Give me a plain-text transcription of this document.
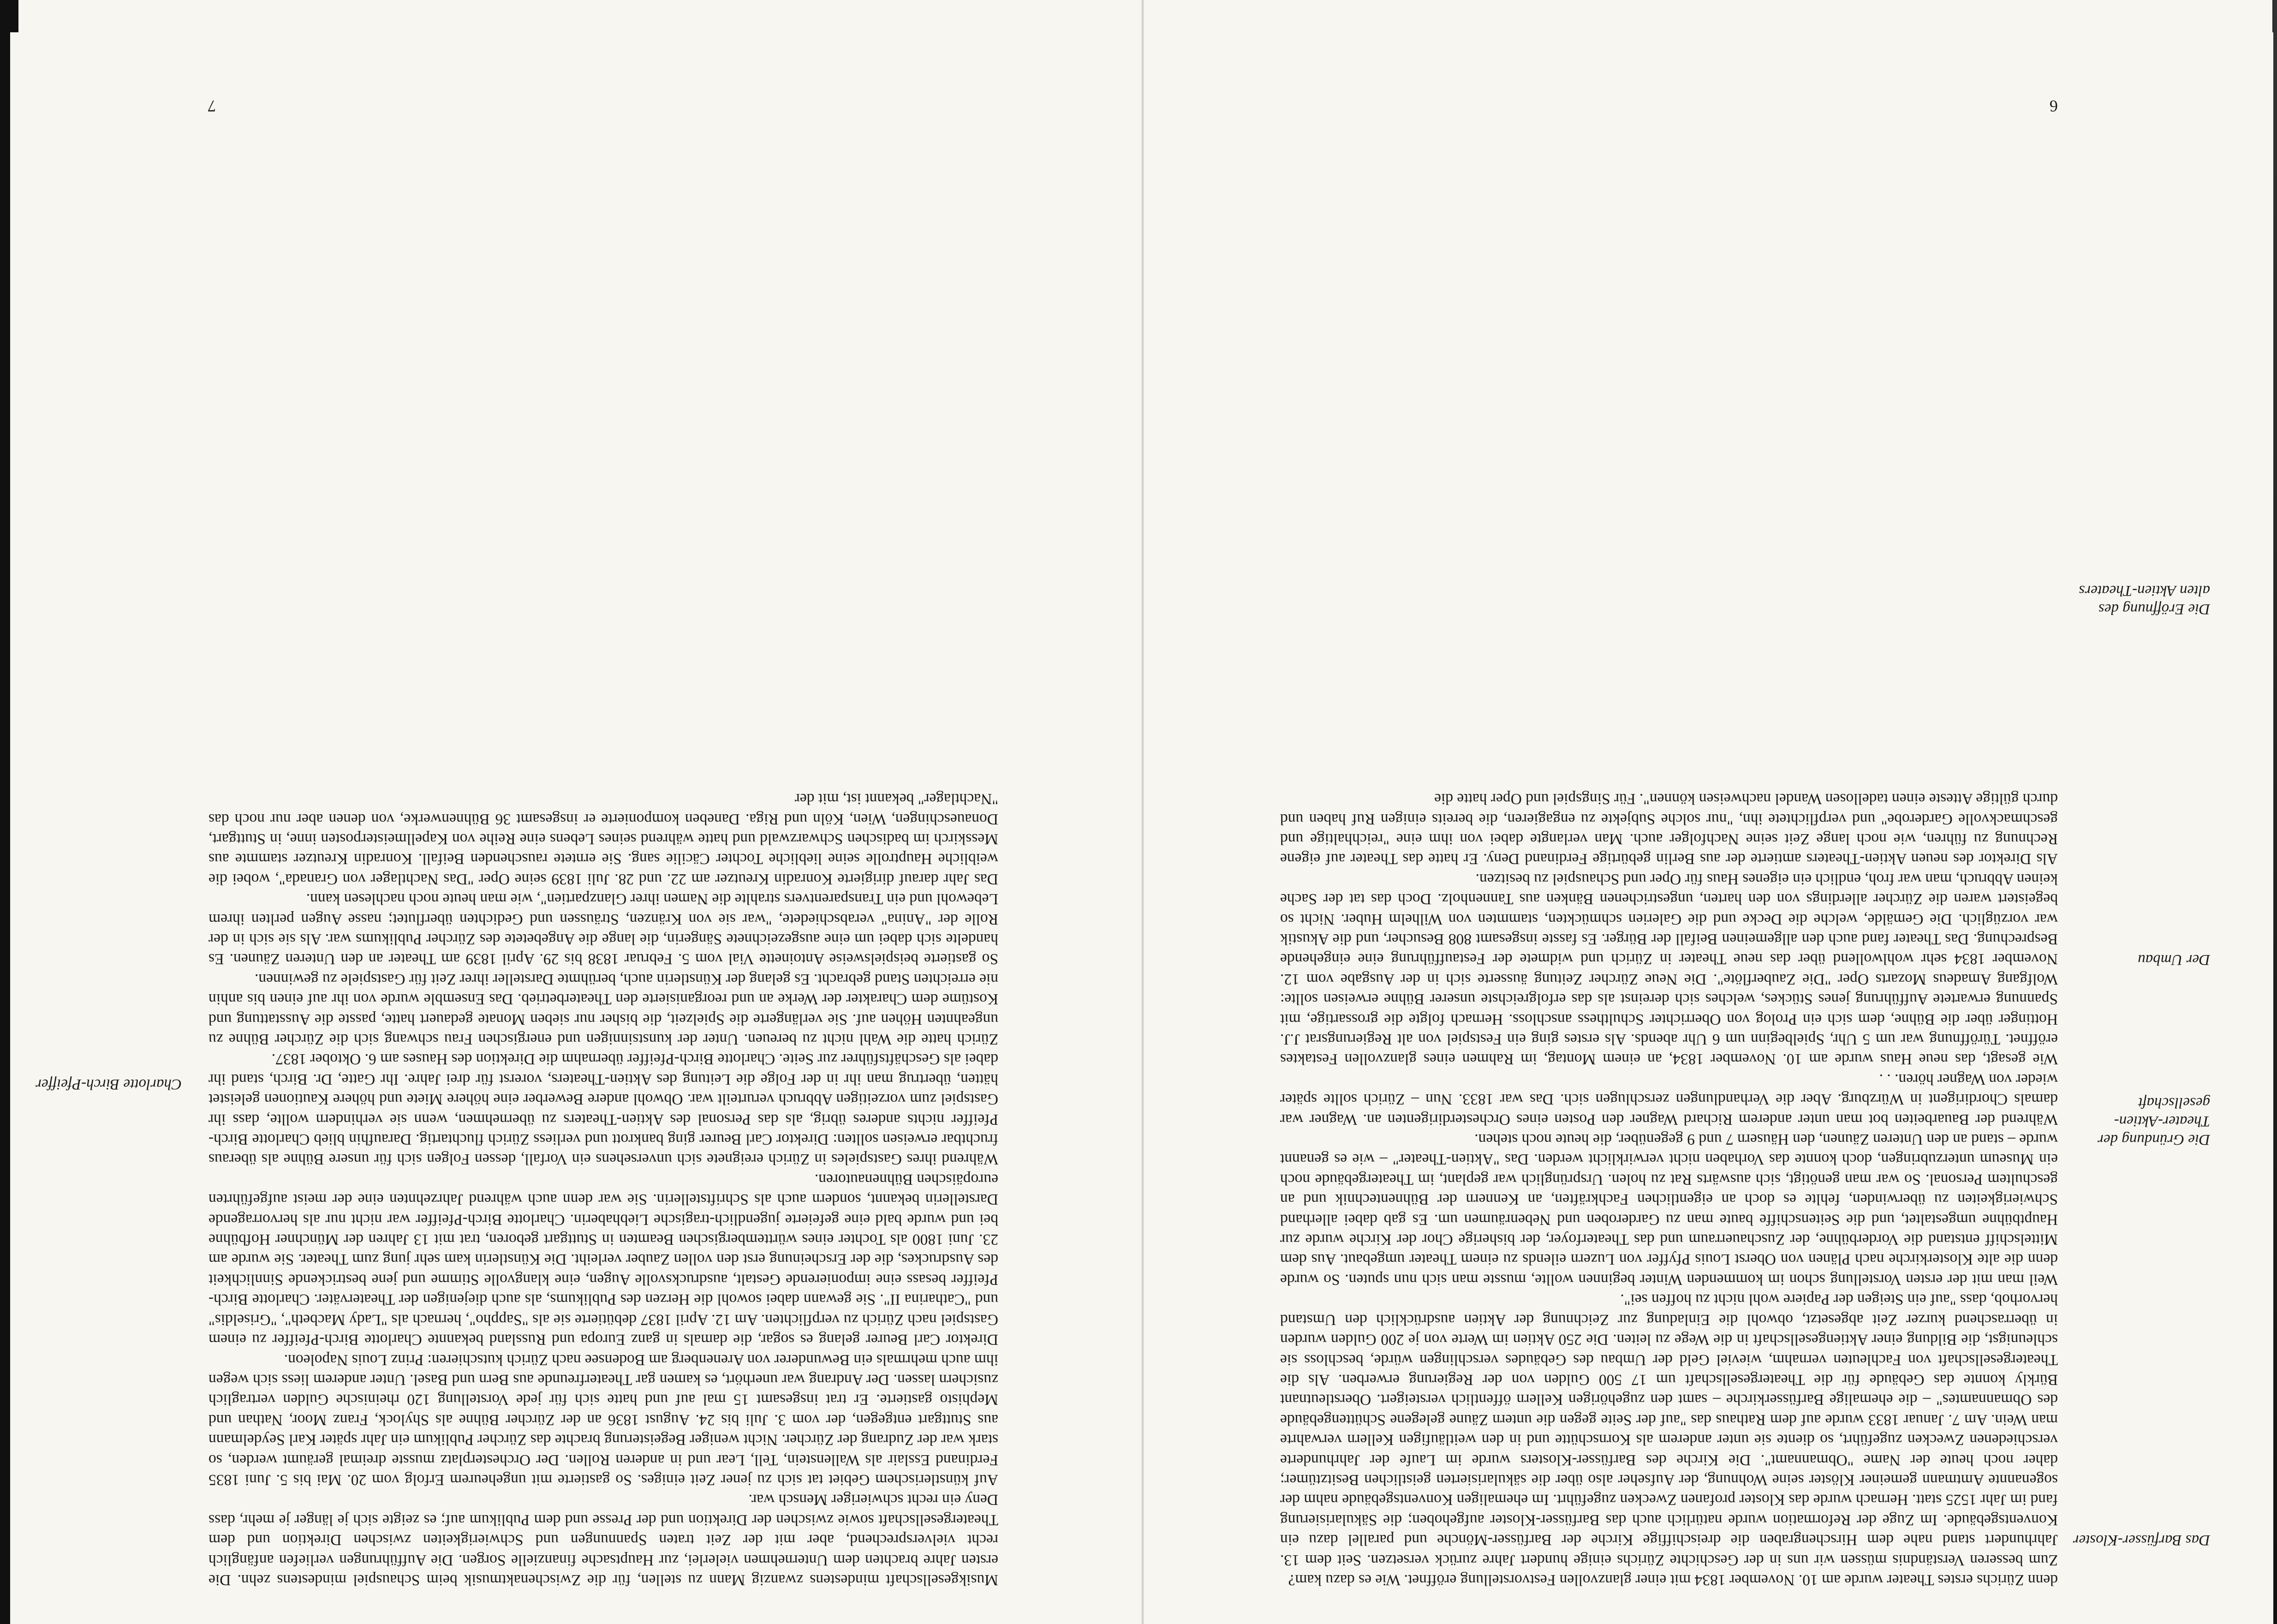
denn Zürichs erstes Theater wurde am 10. November 1834 mit einer glanzvollen Festvorstellung eröffnet. Wie es dazu kam?

Zum besseren Verständnis müssen wir uns in der Geschichte Zürichs einige hundert Jahre zurück versetzen. Seit dem 13. Jahrhundert stand nahe dem Hirschengraben die dreischiffige Kirche der Barfüsser-Mönche und parallel dazu ein Konventsgebäude. Im Zuge der Reformation wurde natürlich auch das Barfüsser-Kloster aufgehoben; die Säkularisierung fand im Jahr 1525 statt. Hernach wurde das Kloster profanen Zwecken zugeführt. Im ehemaligen Konventsgebäude nahm der sogenannte Amtmann gemeiner Klöster seine Wohnung, der Aufseher also über die säkularisierten geistlichen Besitztümer; daher noch heute der Name "Obmannamt". Die Kirche des Barfüsser-Klosters wurde im Laufe der Jahrhunderte verschiedenen Zwecken zugeführt, so diente sie unter anderem als Kornschütte und in den weitläufigen Kellern verwahrte man Wein. Am 7. Januar 1833 wurde auf dem Rathaus das "auf der Seite gegen die untern Zäune gelegene Schüttengebäude des Obmannamtes" – die ehemalige Barfüsserkirche – samt den zugehörigen Kellern öffentlich versteigert. Oberstleutnant Bürkly konnte das Gebäude für die Theatergesellschaft um 17 500 Gulden von der Regierung erwerben. Als die Theatergesellschaft von Fachleuten vernahm, wieviel Geld der Umbau des Gebäudes verschlingen würde, beschloss sie schleunigst, die Bildung einer Aktiengesellschaft in die Wege zu leiten. Die 250 Aktien im Werte von je 200 Gulden wurden in überraschend kurzer Zeit abgesetzt, obwohl die Einladung zur Zeichnung der Aktien ausdrücklich den Umstand hervorhob, dass "auf ein Steigen der Papiere wohl nicht zu hoffen sei".

Weil man mit der ersten Vorstellung schon im kommenden Winter beginnen wollte, musste man sich nun sputen. So wurde denn die alte Klosterkirche nach Plänen von Oberst Louis Pfyffer von Luzern eilends zu einem Theater umgebaut. Aus dem Mittelschiff entstand die Vorderbühne, der Zuschauerraum und das Theaterfoyer, der bisherige Chor der Kirche wurde zur Hauptbühne umgestaltet, und die Seitenschiffe baute man zu Garderoben und Nebenräumen um. Es gab dabei allerhand Schwierigkeiten zu überwinden, fehlte es doch an eigentlichen Fachkräften, an Kennern der Bühnentechnik und an geschultem Personal. So war man genötigt, sich auswärts Rat zu holen. Ursprünglich war geplant, im Theatergebäude noch ein Museum unterzubringen, doch konnte das Vorhaben nicht verwirklicht werden. Das "Aktien-Theater" – wie es genannt wurde – stand an den Unteren Zäunen, den Häusern 7 und 9 gegenüber, die heute noch stehen.

Während der Bauarbeiten bot man unter anderem Richard Wagner den Posten eines Orchesterdirigenten an. Wagner war damals Chordirigent in Würzburg. Aber die Verhandlungen zerschlugen sich. Das war 1833. Nun – Zürich sollte später wieder von Wagner hören. . .

Wie gesagt, das neue Haus wurde am 10. November 1834, an einem Montag, im Rahmen eines glanzvollen Festaktes eröffnet. Türöffnung war um 5 Uhr, Spielbeginn um 6 Uhr abends. Als erstes ging ein Festspiel von alt Regierungsrat J.J. Hottinger über die Bühne, dem sich ein Prolog von Oberrichter Schulthess anschloss. Hernach folgte die grossartige, mit Spannung erwartete Aufführung jenes Stückes, welches sich dereinst als das erfolgreichste unserer Bühne erweisen sollte: Wolfgang Amadeus Mozarts Oper "Die Zauberflöte". Die Neue Zürcher Zeitung äusserte sich in der Ausgabe vom 12. November 1834 sehr wohlwollend über das neue Theater in Zürich und widmete der Festaufführung eine eingehende Besprechung. Das Theater fand auch den allgemeinen Beifall der Bürger. Es fasste insgesamt 808 Besucher, und die Akustik war vorzüglich. Die Gemälde, welche die Decke und die Galerien schmückten, stammten von Wilhelm Huber. Nicht so begeistert waren die Zürcher allerdings von den harten, ungestrichenen Bänken aus Tannenholz. Doch das tat der Sache keinen Abbruch, man war froh, endlich ein eigenes Haus für Oper und Schauspiel zu besitzen.

Als Direktor des neuen Aktien-Theaters amtierte der aus Berlin gebürtige Ferdinand Deny. Er hatte das Theater auf eigene Rechnung zu führen, wie noch lange Zeit seine Nachfolger auch. Man verlangte dabei von ihm eine "reichhaltige und geschmackvolle Garderobe" und verpflichtete ihn, "nur solche Subjekte zu engagieren, die bereits einigen Ruf haben und durch gültige Atteste einen tadellosen Wandel nachweisen können". Für Singspiel und Oper hatte die

Das Barfüsser-Kloster
Die Gründung der Theater-Aktien-gesellschaft
Der Umbau
Die Eröffnung des alten Aktien-Theaters
6

Musikgesellschaft mindestens zwanzig Mann zu stellen, für die Zwischenaktmusik beim Schauspiel mindestens zehn. Die ersten Jahre brachten dem Unternehmen vielerlei, zur Hauptsache finanzielle Sorgen. Die Aufführungen verliefen anfänglich recht vielversprechend, aber mit der Zeit traten Spannungen und Schwierigkeiten zwischen Direktion und dem Theatergesellschaft sowie zwischen der Direktion und der Presse und dem Publikum auf; es zeigte sich je länger je mehr, dass Deny ein recht schwieriger Mensch war.

Auf künstlerischem Gebiet tat sich zu jener Zeit einiges. So gastierte mit ungeheurem Erfolg vom 20. Mai bis 5. Juni 1835 Ferdinand Esslair als Wallenstein, Tell, Lear und in anderen Rollen. Der Orchesterplatz musste dreimal geräumt werden, so stark war der Zudrang der Zürcher. Nicht weniger Begeisterung brachte das Zürcher Publikum ein Jahr später Karl Seydelmann aus Stuttgart entgegen, der vom 3. Juli bis 24. August 1836 an der Zürcher Bühne als Shylock, Franz Moor, Nathan und Mephisto gastierte. Er trat insgesamt 15 mal auf und hatte sich für jede Vorstellung 120 rheinische Gulden vertraglich zusichern lassen. Der Andrang war unerhört, es kamen gar Theaterfreunde aus Bern und Basel. Unter anderem liess sich wegen ihm auch mehrmals ein Bewunderer von Arenenberg am Bodensee nach Zürich kutschieren: Prinz Louis Napoleon.

Direktor Carl Beurer gelang es sogar, die damals in ganz Europa und Russland bekannte Charlotte Birch-Pfeiffer zu einem Gastspiel nach Zürich zu verpflichten. Am 12. April 1837 debütierte sie als "Sappho", hernach als "Lady Macbeth", "Griseldis" und "Catharina II". Sie gewann dabei sowohl die Herzen des Publikums, als auch diejenigen der Theaterväter. Charlotte Birch-Pfeiffer besass eine imponierende Gestalt, ausdrucksvolle Augen, eine klangvolle Stimme und jene bestrickende Sinnlichkeit des Ausdruckes, die der Erscheinung erst den vollen Zauber verleiht. Die Künstlerin kam sehr jung zum Theater. Sie wurde am 23. Juni 1800 als Tochter eines württembergischen Beamten in Stuttgart geboren, trat mit 13 Jahren der Münchner Hofbühne bei und wurde bald eine gefeierte jugendlich-tragische Liebhaberin. Charlotte Birch-Pfeiffer war nicht nur als hervorragende Darstellerin bekannt, sondern auch als Schriftstellerin. Sie war denn auch während Jahrzehnten eine der meist aufgeführten europäischen Bühnenautoren.

Während ihres Gastspieles in Zürich ereignete sich unversehens ein Vorfall, dessen Folgen sich für unsere Bühne als überaus fruchtbar erweisen sollten: Direktor Carl Beurer ging bankrott und verliess Zürich fluchtartig. Daraufhin blieb Charlotte Birch-Pfeiffer nichts anderes übrig, als das Personal des Aktien-Theaters zu übernehmen, wenn sie verhindern wollte, dass ihr Gastspiel zum vorzeitigen Abbruch verurteilt war. Obwohl andere Bewerber eine höhere Miete und höhere Kautionen geleistet hätten, übertrug man ihr in der Folge die Leitung des Aktien-Theaters, vorerst für drei Jahre. Ihr Gatte, Dr. Birch, stand ihr dabei als Geschäftsführer zur Seite. Charlotte Birch-Pfeiffer übernahm die Direktion des Hauses am 6. Oktober 1837.

Zürich hatte die Wahl nicht zu bereuen. Unter der kunstsinnigen und energischen Frau schwang sich die Zürcher Bühne zu ungeahnten Höhen auf. Sie verlängerte die Spielzeit, die bisher nur sieben Monate gedauert hatte, passte die Ausstattung und Kostüme dem Charakter der Werke an und reorganisierte den Theaterbetrieb. Das Ensemble wurde von ihr auf einen bis anhin nie erreichten Stand gebracht. Es gelang der Künstlerin auch, berühmte Darsteller ihrer Zeit für Gastspiele zu gewinnen.

So gastierte beispielsweise Antoinette Vial vom 5. Februar 1838 bis 29. April 1839 am Theater an den Unteren Zäunen. Es handelte sich dabei um eine ausgezeichnete Sängerin, die lange die Angebetete des Zürcher Publikums war. Als sie sich in der Rolle der "Anina" verabschiedete, "war sie von Kränzen, Sträussen und Gedichten überflutet; nasse Augen perlten ihrem Lebewohl und ein Transparentvers strahlte die Namen ihrer Glanzpartien", wie man heute noch nachlesen kann.

Das Jahr darauf dirigierte Konradin Kreutzer am 22. und 28. Juli 1839 seine Oper "Das Nachtlager von Granada", wobei die weibliche Hauptrolle seine liebliche Tochter Cäcilie sang. Sie erntete rauschenden Beifall. Konradin Kreutzer stammte aus Messkirch im badischen Schwarzwald und hatte während seines Lebens eine Reihe von Kapellmeisterposten inne, in Stuttgart, Donaueschingen, Wien, Köln und Riga. Daneben komponierte er insgesamt 36 Bühnenwerke, von denen aber nur noch das "Nachtlager" bekannt ist, mit der

Charlotte Birch-Pfeiffer
7
